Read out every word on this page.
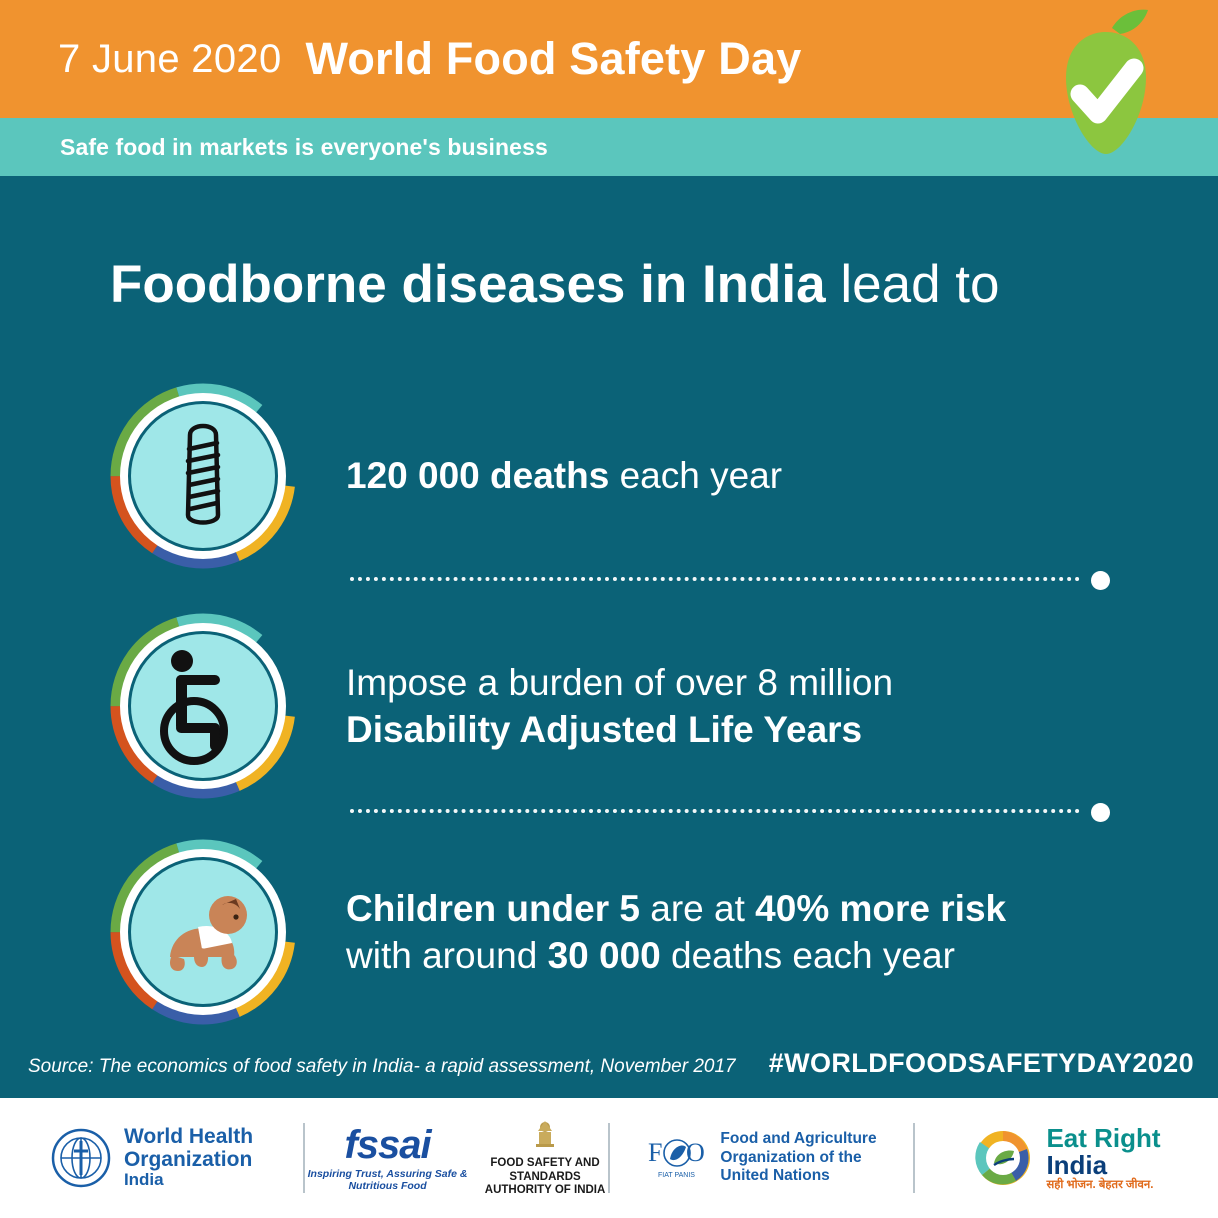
7 June 2020 World Food Safety Day
Safe food in markets is everyone's business
Foodborne diseases in India lead to
120 000 deaths each year
Impose a burden of over 8 million
Disability Adjusted Life Years
Children under 5 are at 40% more risk
with around 30 000 deaths each year
Source: The economics of food safety in India- a rapid assessment, November 2017 #WORLDFOODSAFETYDAY2020
World Health
Organization
India
fssai
Inspiring Trust, Assuring Safe & Nutritious Food
FOOD SAFETY AND STANDARDS
AUTHORITY OF INDIA
F O
FIAT PANIS
Food and Agriculture
Organization of the
United Nations
Eat Right
India
सही भोजन. बेहतर जीवन.
